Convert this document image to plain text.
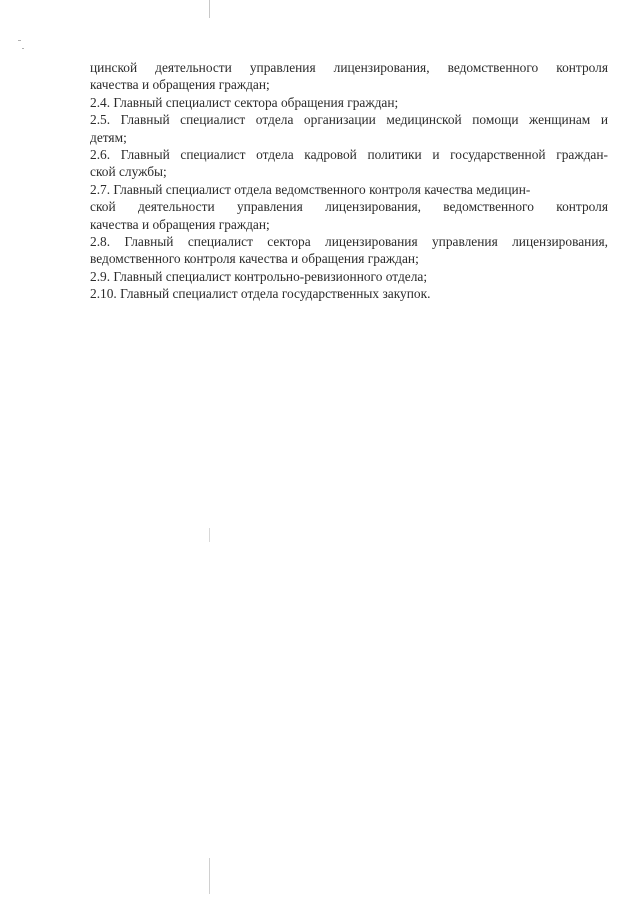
цинской деятельности управления лицензирования, ведомственного контроля
качества и обращения граждан;
2.4. Главный специалист сектора обращения граждан;
2.5. Главный специалист отдела организации медицинской помощи женщинам и
детям;
2.6. Главный специалист отдела кадровой политики и государственной граждан-
ской службы;
2.7. Главный специалист отдела ведомственного контроля качества медицин-
ской деятельности управления лицензирования, ведомственного контроля
качества и обращения граждан;
2.8. Главный специалист сектора лицензирования управления лицензирования,
ведомственного контроля качества и обращения граждан;
2.9. Главный специалист контрольно-ревизионного отдела;
2.10. Главный специалист отдела государственных закупок.
